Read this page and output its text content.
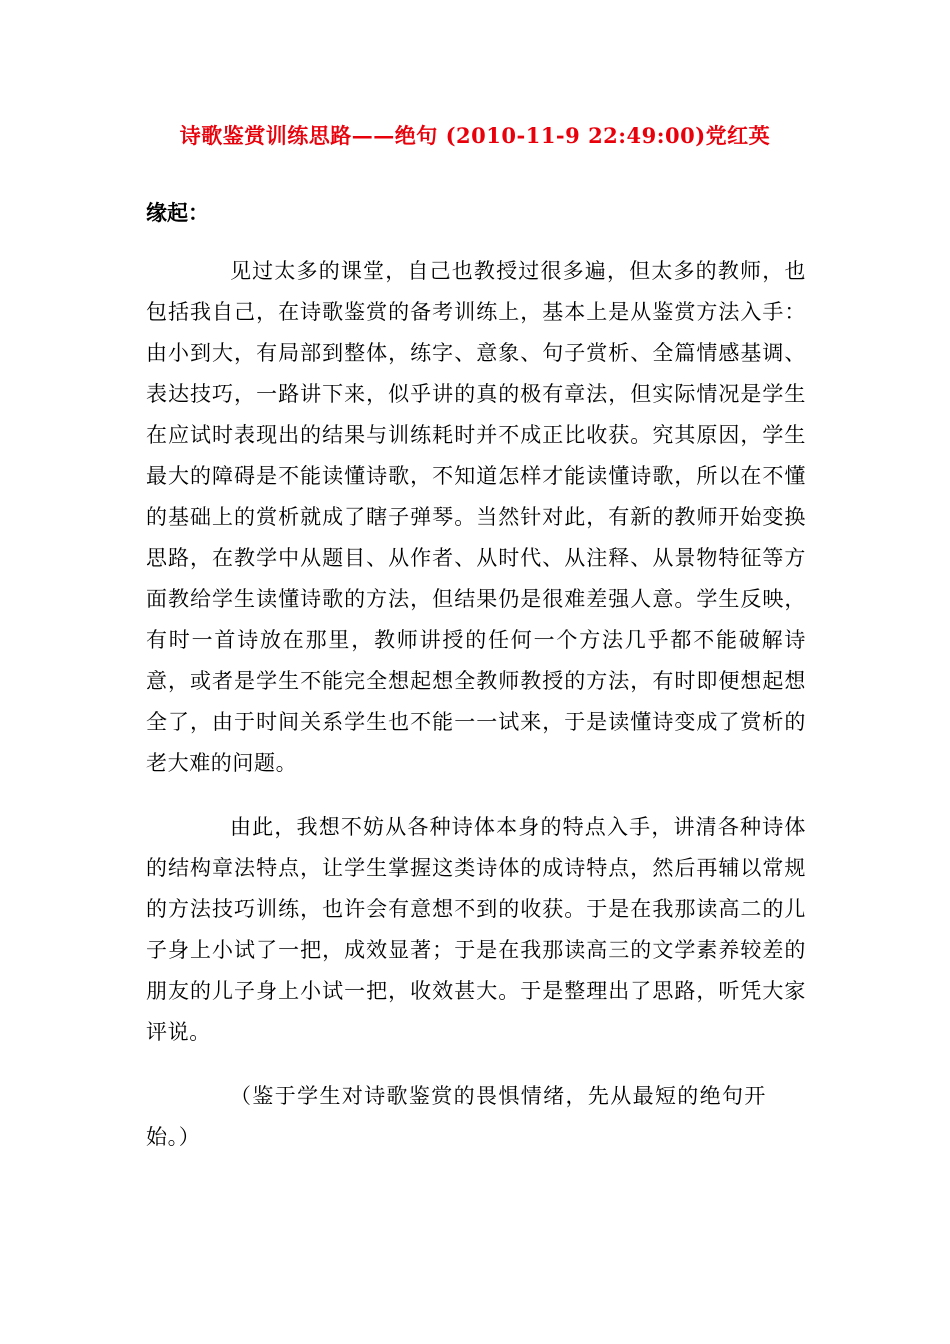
诗歌鉴赏训练思路——绝句 (2010-11-9 22:49:00)党红英
缘起：

见过太多的课堂，自己也教授过很多遍，但太多的教师，也包括我自己，在诗歌鉴赏的备考训练上，基本上是从鉴赏方法入手：由小到大，有局部到整体，练字、意象、句子赏析、全篇情感基调、表达技巧，一路讲下来，似乎讲的真的极有章法，但实际情况是学生在应试时表现出的结果与训练耗时并不成正比收获。究其原因，学生最大的障碍是不能读懂诗歌，不知道怎样才能读懂诗歌，所以在不懂的基础上的赏析就成了瞎子弹琴。当然针对此，有新的教师开始变换思路，在教学中从题目、从作者、从时代、从注释、从景物特征等方面教给学生读懂诗歌的方法，但结果仍是很难差强人意。学生反映，有时一首诗放在那里，教师讲授的任何一个方法几乎都不能破解诗意，或者是学生不能完全想起想全教师教授的方法，有时即便想起想全了，由于时间关系学生也不能一一试来，于是读懂诗变成了赏析的老大难的问题。

由此，我想不妨从各种诗体本身的特点入手，讲清各种诗体的结构章法特点，让学生掌握这类诗体的成诗特点，然后再辅以常规的方法技巧训练，也许会有意想不到的收获。于是在我那读高二的儿子身上小试了一把，成效显著；于是在我那读高三的文学素养较差的朋友的儿子身上小试一把，收效甚大。于是整理出了思路，听凭大家评说。

（鉴于学生对诗歌鉴赏的畏惧情绪，先从最短的绝句开始。）
